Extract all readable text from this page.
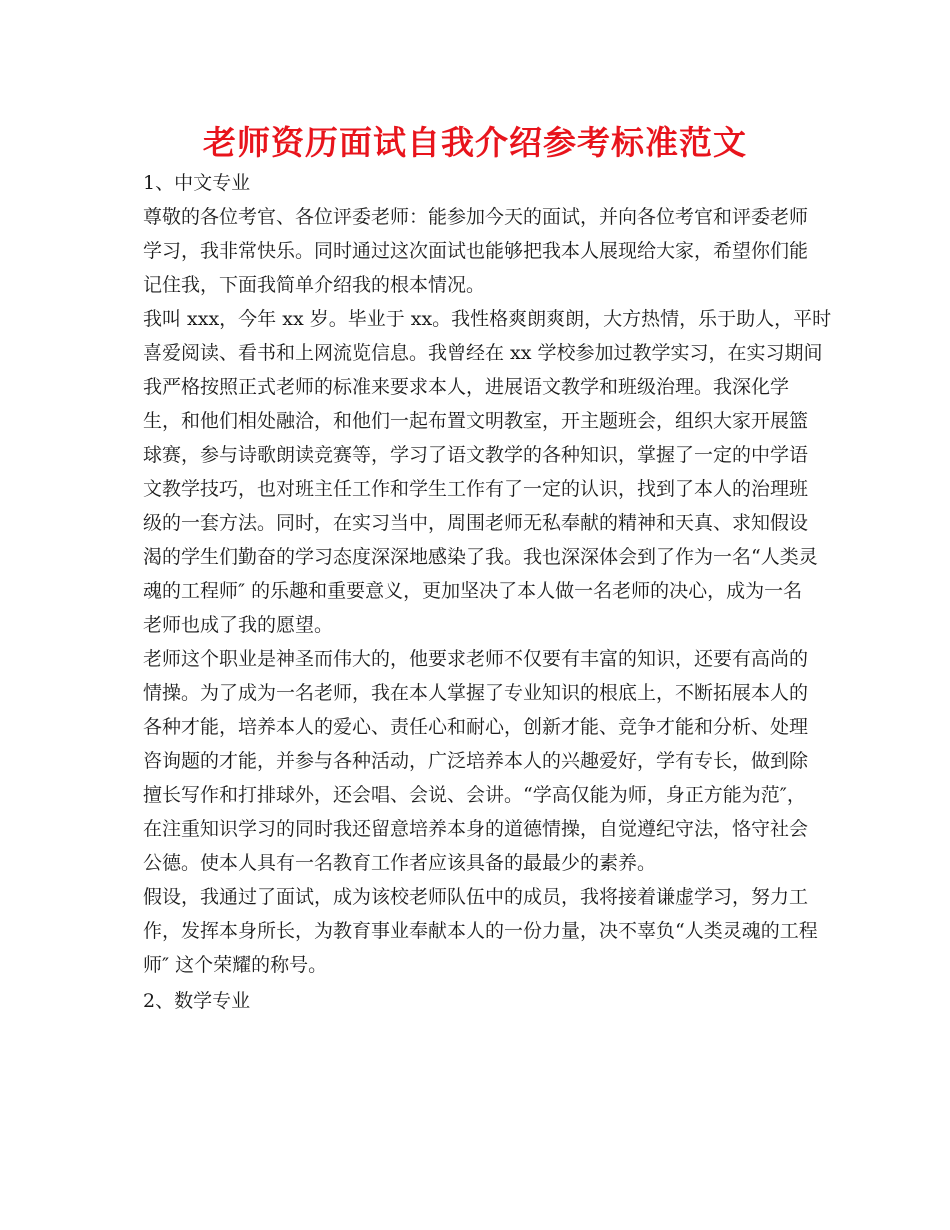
老师资历面试自我介绍参考标准范文
1、中文专业
尊敬的各位考官、各位评委老师：能参加今天的面试，并向各位考官和评委老师
学习，我非常快乐。同时通过这次面试也能够把我本人展现给大家，希望你们能
记住我，下面我简单介绍我的根本情况。
我叫 xxx，今年 xx 岁。毕业于 xx。我性格爽朗爽朗，大方热情，乐于助人，平时
喜爱阅读、看书和上网流览信息。我曾经在 xx 学校参加过教学实习，在实习期间
我严格按照正式老师的标准来要求本人，进展语文教学和班级治理。我深化学
生，和他们相处融洽，和他们一起布置文明教室，开主题班会，组织大家开展篮
球赛，参与诗歌朗读竞赛等，学习了语文教学的各种知识，掌握了一定的中学语
文教学技巧，也对班主任工作和学生工作有了一定的认识，找到了本人的治理班
级的一套方法。同时，在实习当中，周围老师无私奉献的精神和天真、求知假设
渴的学生们勤奋的学习态度深深地感染了我。我也深深体会到了作为一名“人类灵
魂的工程师″ 的乐趣和重要意义，更加坚决了本人做一名老师的决心，成为一名
老师也成了我的愿望。
老师这个职业是神圣而伟大的，他要求老师不仅要有丰富的知识，还要有高尚的
情操。为了成为一名老师，我在本人掌握了专业知识的根底上，不断拓展本人的
各种才能，培养本人的爱心、责任心和耐心，创新才能、竞争才能和分析、处理
咨询题的才能，并参与各种活动，广泛培养本人的兴趣爱好，学有专长，做到除
擅长写作和打排球外，还会唱、会说、会讲。“学高仅能为师，身正方能为范″，
在注重知识学习的同时我还留意培养本身的道德情操，自觉遵纪守法，恪守社会
公德。使本人具有一名教育工作者应该具备的最最少的素养。
假设，我通过了面试，成为该校老师队伍中的成员，我将接着谦虚学习，努力工
作，发挥本身所长，为教育事业奉献本人的一份力量，决不辜负“人类灵魂的工程
师″ 这个荣耀的称号。
2、数学专业
